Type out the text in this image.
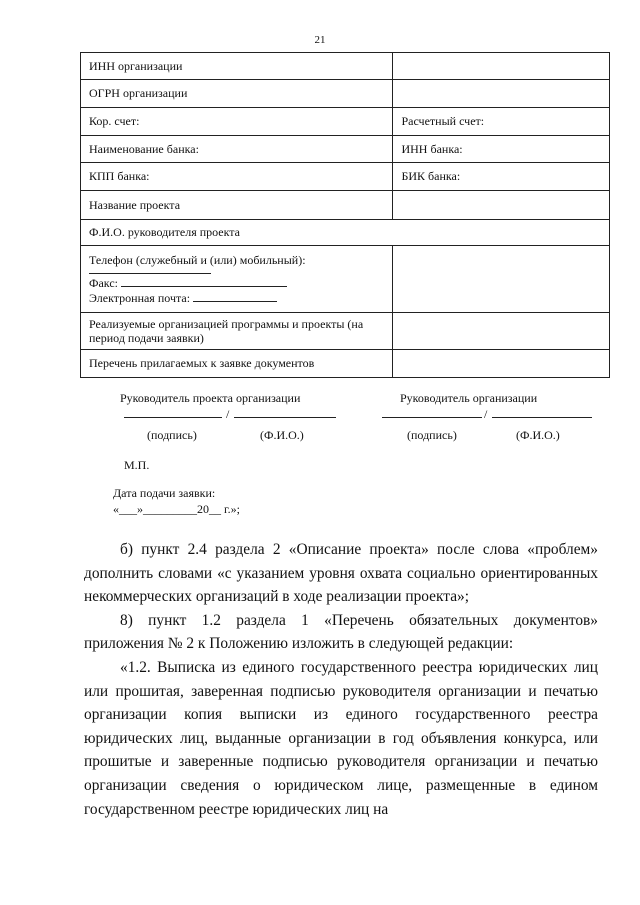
21
ИНН организации	
ОГРН организации	
Кор. счет:	Расчетный счет:
Наименование банка:	ИНН банка:
КПП банка:	БИК банка:
Название проекта	
Ф.И.О. руководителя проекта	

Телефон (служебный и (или) мобильный):
Факс:
Электронная почта:	

Реализуемые организацией программы и проекты (на период подачи заявки)	
Перечень прилагаемых к заявке документов	
Руководитель проекта организации
/
(подпись)	(Ф.И.О.)
Руководитель организации
/
(подпись)	(Ф.И.О.)
М.П.
Дата подачи заявки:
«___»_________20__ г.»;

б) пункт 2.4 раздела 2 «Описание проекта» после слова «проблем» дополнить словами «с указанием уровня охвата социально ориентированных некоммерческих организаций в ходе реализации проекта»;

8) пункт 1.2 раздела 1 «Перечень обязательных документов» приложения № 2 к Положению изложить в следующей редакции:

«1.2. Выписка из единого государственного реестра юридических лиц или прошитая, заверенная подписью руководителя организации и печатью организации копия выписки из единого государственного реестра юридических лиц, выданные организации в год объявления конкурса, или прошитые и заверенные подписью руководителя организации и печатью организации сведения о юридическом лице, размещенные в едином государственном реестре юридических лиц на
